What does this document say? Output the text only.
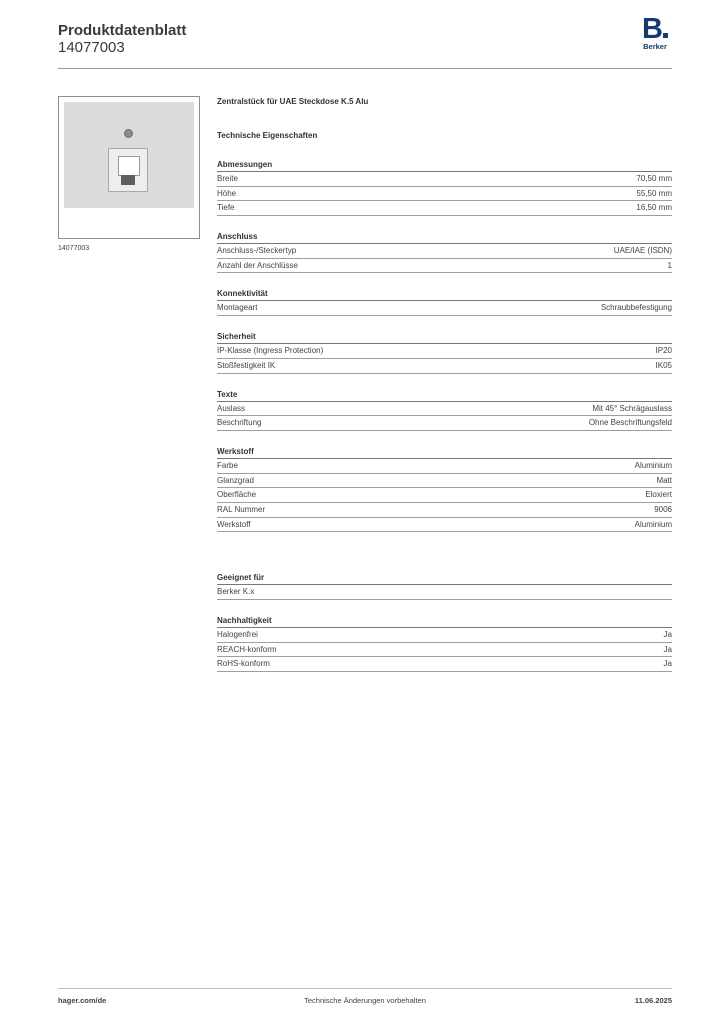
Produktdatenblatt
14077003
B
Berker
14077003
Zentralstück für UAE Steckdose K.5 Alu
Technische Eigenschaften
Abmessungen
Breite	70,50 mm
Höhe	55,50 mm
Tiefe	16,50 mm
Anschluss
Anschluss-/Steckertyp	UAE/IAE (ISDN)
Anzahl der Anschlüsse	1
Konnektivität
Montageart	Schraubbefestigung
Sicherheit
IP-Klasse (Ingress Protection)	IP20
Stoßfestigkeit IK	IK05
Texte
Auslass	Mit 45° Schrägauslass
Beschriftung	Ohne Beschriftungsfeld
Werkstoff
Farbe	Aluminium
Glanzgrad	Matt
Oberfläche	Eloxiert
RAL Nummer	9006
Werkstoff	Aluminium
Geeignet für
Berker K.x
Nachhaltigkeit
Halogenfrei	Ja
REACH-konform	Ja
RoHS-konform	Ja
hager.com/de	Technische Änderungen vorbehalten	11.06.2025
